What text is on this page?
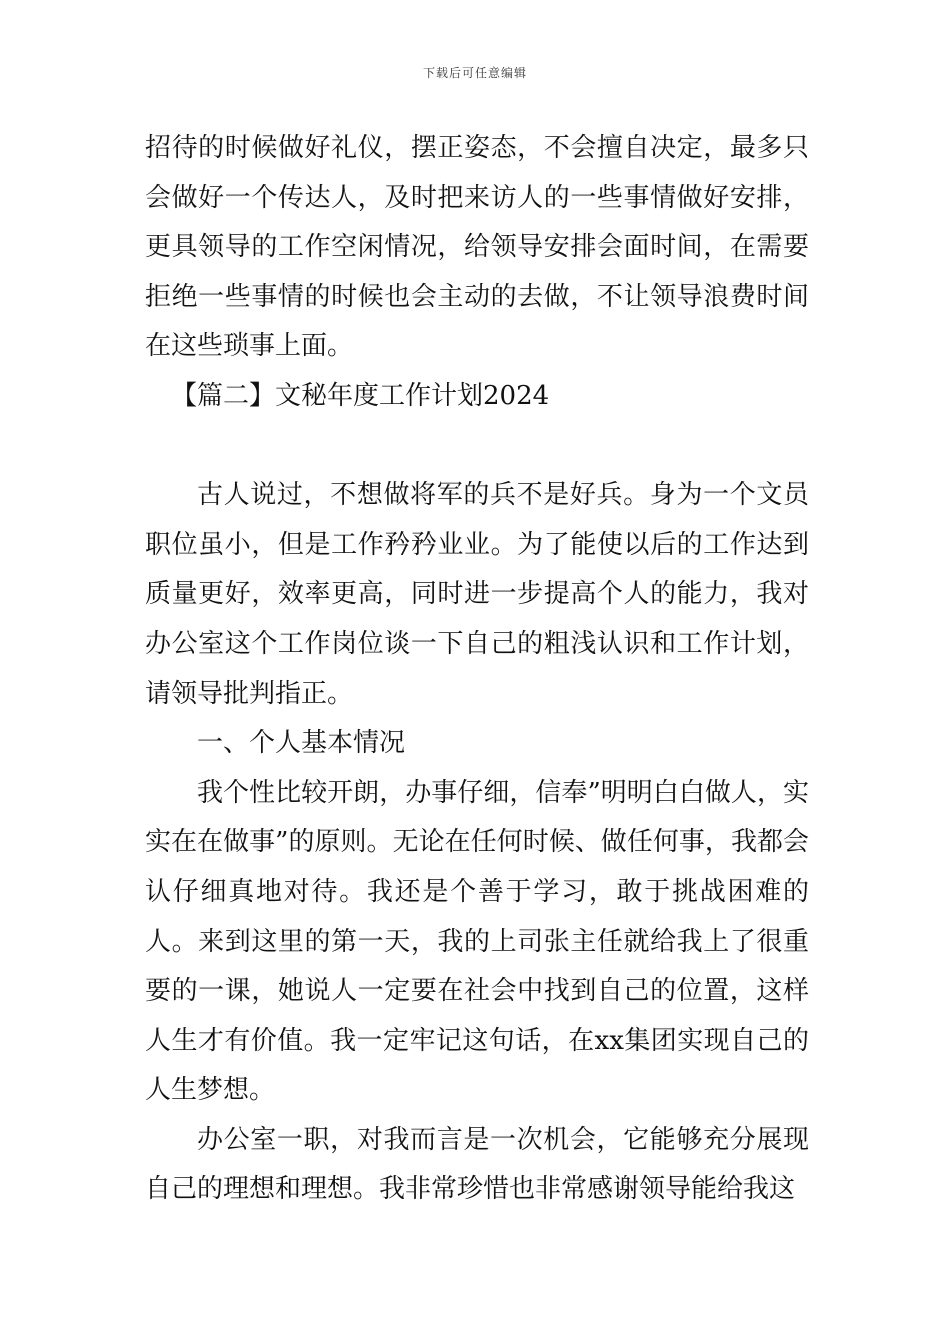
下载后可任意编辑

招待的时候做好礼仪，摆正姿态，不会擅自决定，最多只会做好一个传达人，及时把来访人的一些事情做好安排，更具领导的工作空闲情况，给领导安排会面时间，在需要拒绝一些事情的时候也会主动的去做，不让领导浪费时间在这些琐事上面。

【篇二】文秘年度工作计划2024

古人说过，不想做将军的兵不是好兵。身为一个文员职位虽小，但是工作矜矜业业。为了能使以后的工作达到质量更好，效率更高，同时进一步提高个人的能力，我对办公室这个工作岗位谈一下自己的粗浅认识和工作计划，请领导批判指正。

一、个人基本情况

我个性比较开朗，办事仔细，信奉”明明白白做人，实实在在做事”的原则。无论在任何时候、做任何事，我都会认仔细真地对待。我还是个善于学习，敢于挑战困难的人。来到这里的第一天，我的上司张主任就给我上了很重要的一课，她说人一定要在社会中找到自己的位置，这样人生才有价值。我一定牢记这句话，在xx集团实现自己的人生梦想。

办公室一职，对我而言是一次机会，它能够充分展现自己的理想和理想。我非常珍惜也非常感谢领导能给我这
